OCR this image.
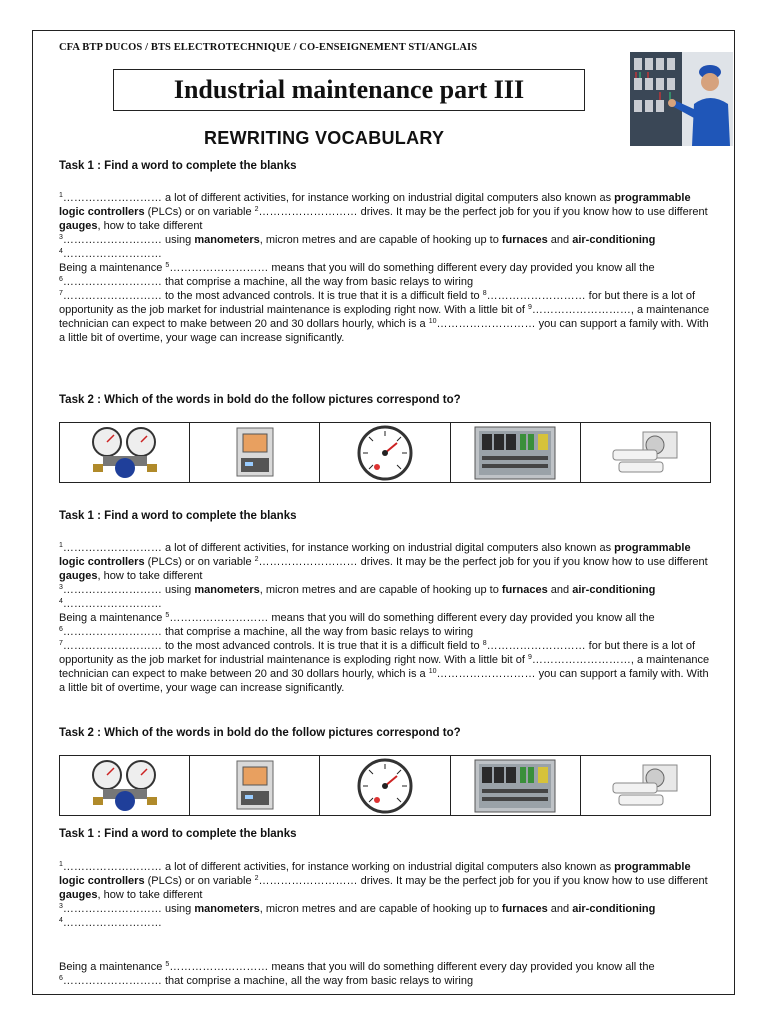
CFA BTP DUCOS / BTS ELECTROTECHNIQUE / CO-ENSEIGNEMENT STI/ANGLAIS
Industrial maintenance part III
REWRITING VOCABULARY
Task 1 : Find a word to complete the blanks

$^1$……………………… a lot of different activities, for instance working on industrial digital computers also known as programmable logic controllers (PLCs) or on variable $^2$……………………… drives. It may be the perfect job for you if you know how to use different gauges, how to take different

$^3$……………………… using manometers, micron metres and are capable of hooking up to furnaces and air-conditioning $^4$………………………

Being a maintenance $^5$……………………… means that you will do something different every day provided you know all the $^6$……………………… that comprise a machine, all the way from basic relays to wiring

$^7$……………………… to the most advanced controls. It is true that it is a difficult field to $^8$……………………… for but there is a lot of opportunity as the job market for industrial maintenance is exploding right now. With a little bit of $^9$………………………, a maintenance technician can expect to make between 20 and 30 dollars hourly, which is a $^{10}$……………………… you can support a family with. With a little bit of overtime, your wage can increase significantly.

Task 2 : Which of the words in bold do the follow pictures correspond to?
Task 1 : Find a word to complete the blanks

$^1$……………………… a lot of different activities, for instance working on industrial digital computers also known as programmable logic controllers (PLCs) or on variable $^2$……………………… drives. It may be the perfect job for you if you know how to use different gauges, how to take different

$^3$……………………… using manometers, micron metres and are capable of hooking up to furnaces and air-conditioning $^4$………………………

Being a maintenance $^5$……………………… means that you will do something different every day provided you know all the $^6$……………………… that comprise a machine, all the way from basic relays to wiring

$^7$……………………… to the most advanced controls. It is true that it is a difficult field to $^8$……………………… for but there is a lot of opportunity as the job market for industrial maintenance is exploding right now. With a little bit of $^9$………………………, a maintenance technician can expect to make between 20 and 30 dollars hourly, which is a $^{10}$……………………… you can support a family with. With a little bit of overtime, your wage can increase significantly.

Task 2 : Which of the words in bold do the follow pictures correspond to?
Task 1 : Find a word to complete the blanks

$^1$……………………… a lot of different activities, for instance working on industrial digital computers also known as programmable logic controllers (PLCs) or on variable $^2$……………………… drives. It may be the perfect job for you if you know how to use different gauges, how to take different

$^3$……………………… using manometers, micron metres and are capable of hooking up to furnaces and air-conditioning $^4$………………………

Being a maintenance $^5$……………………… means that you will do something different every day provided you know all the $^6$……………………… that comprise a machine, all the way from basic relays to wiring
